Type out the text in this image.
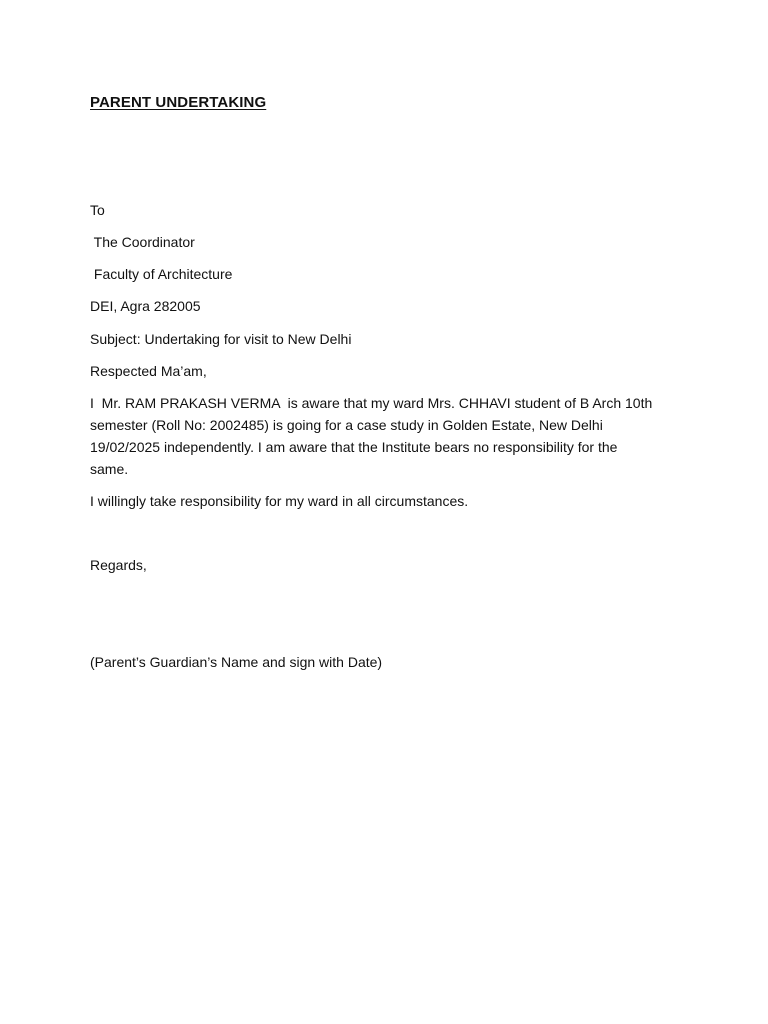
PARENT UNDERTAKING
To
The Coordinator
Faculty of Architecture
DEI, Agra 282005
Subject: Undertaking for visit to New Delhi
Respected Ma’am,
I  Mr. RAM PRAKASH VERMA  is aware that my ward Mrs. CHHAVI student of B Arch 10th
semester (Roll No: 2002485) is going for a case study in Golden Estate, New Delhi
19/02/2025 independently. I am aware that the Institute bears no responsibility for the
same.
I willingly take responsibility for my ward in all circumstances.
Regards,
(Parent’s Guardian’s Name and sign with Date)
